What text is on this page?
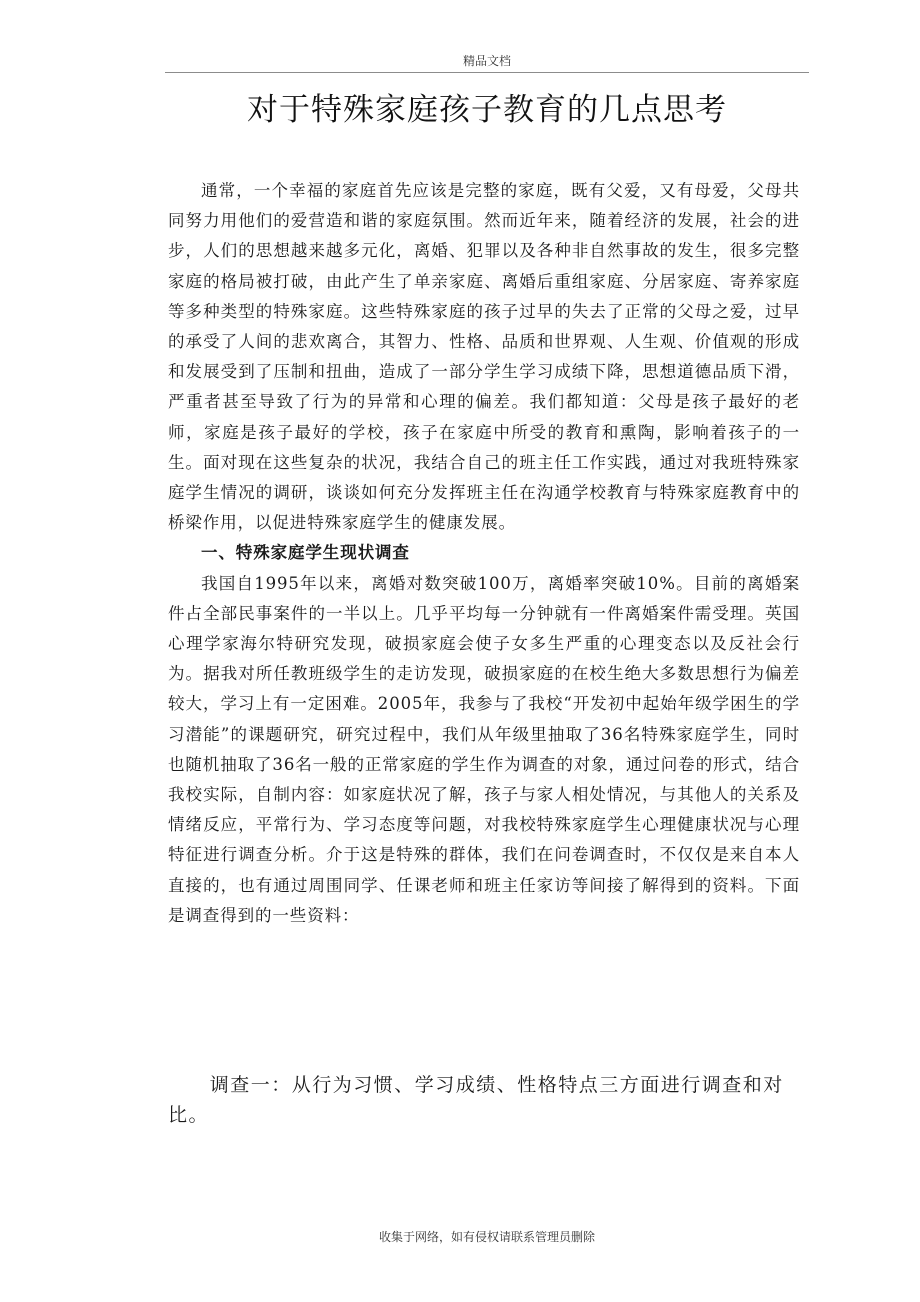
精品文档
对于特殊家庭孩子教育的几点思考

通常，一个幸福的家庭首先应该是完整的家庭，既有父爱，又有母爱，父母共同努力用他们的爱营造和谐的家庭氛围。然而近年来，随着经济的发展，社会的进步，人们的思想越来越多元化，离婚、犯罪以及各种非自然事故的发生，很多完整家庭的格局被打破，由此产生了单亲家庭、离婚后重组家庭、分居家庭、寄养家庭等多种类型的特殊家庭。这些特殊家庭的孩子过早的失去了正常的父母之爱，过早的承受了人间的悲欢离合，其智力、性格、品质和世界观、人生观、价值观的形成和发展受到了压制和扭曲，造成了一部分学生学习成绩下降，思想道德品质下滑，严重者甚至导致了行为的异常和心理的偏差。我们都知道：父母是孩子最好的老师，家庭是孩子最好的学校，孩子在家庭中所受的教育和熏陶，影响着孩子的一生。面对现在这些复杂的状况，我结合自己的班主任工作实践，通过对我班特殊家庭学生情况的调研，谈谈如何充分发挥班主任在沟通学校教育与特殊家庭教育中的桥梁作用，以促进特殊家庭学生的健康发展。

一、特殊家庭学生现状调查

我国自1995年以来，离婚对数突破100万，离婚率突破10%。目前的离婚案件占全部民事案件的一半以上。几乎平均每一分钟就有一件离婚案件需受理。英国心理学家海尔特研究发现，破损家庭会使子女多生严重的心理变态以及反社会行为。据我对所任教班级学生的走访发现，破损家庭的在校生绝大多数思想行为偏差较大，学习上有一定困难。2005年，我参与了我校“开发初中起始年级学困生的学习潜能”的课题研究，研究过程中，我们从年级里抽取了36名特殊家庭学生，同时也随机抽取了36名一般的正常家庭的学生作为调查的对象，通过问卷的形式，结合我校实际，自制内容：如家庭状况了解，孩子与家人相处情况，与其他人的关系及情绪反应，平常行为、学习态度等问题，对我校特殊家庭学生心理健康状况与心理特征进行调查分析。介于这是特殊的群体，我们在问卷调查时，不仅仅是来自本人直接的，也有通过周围同学、任课老师和班主任家访等间接了解得到的资料。下面是调查得到的一些资料：

调查一：从行为习惯、学习成绩、性格特点三方面进行调查和对比。

收集于网络，如有侵权请联系管理员删除
